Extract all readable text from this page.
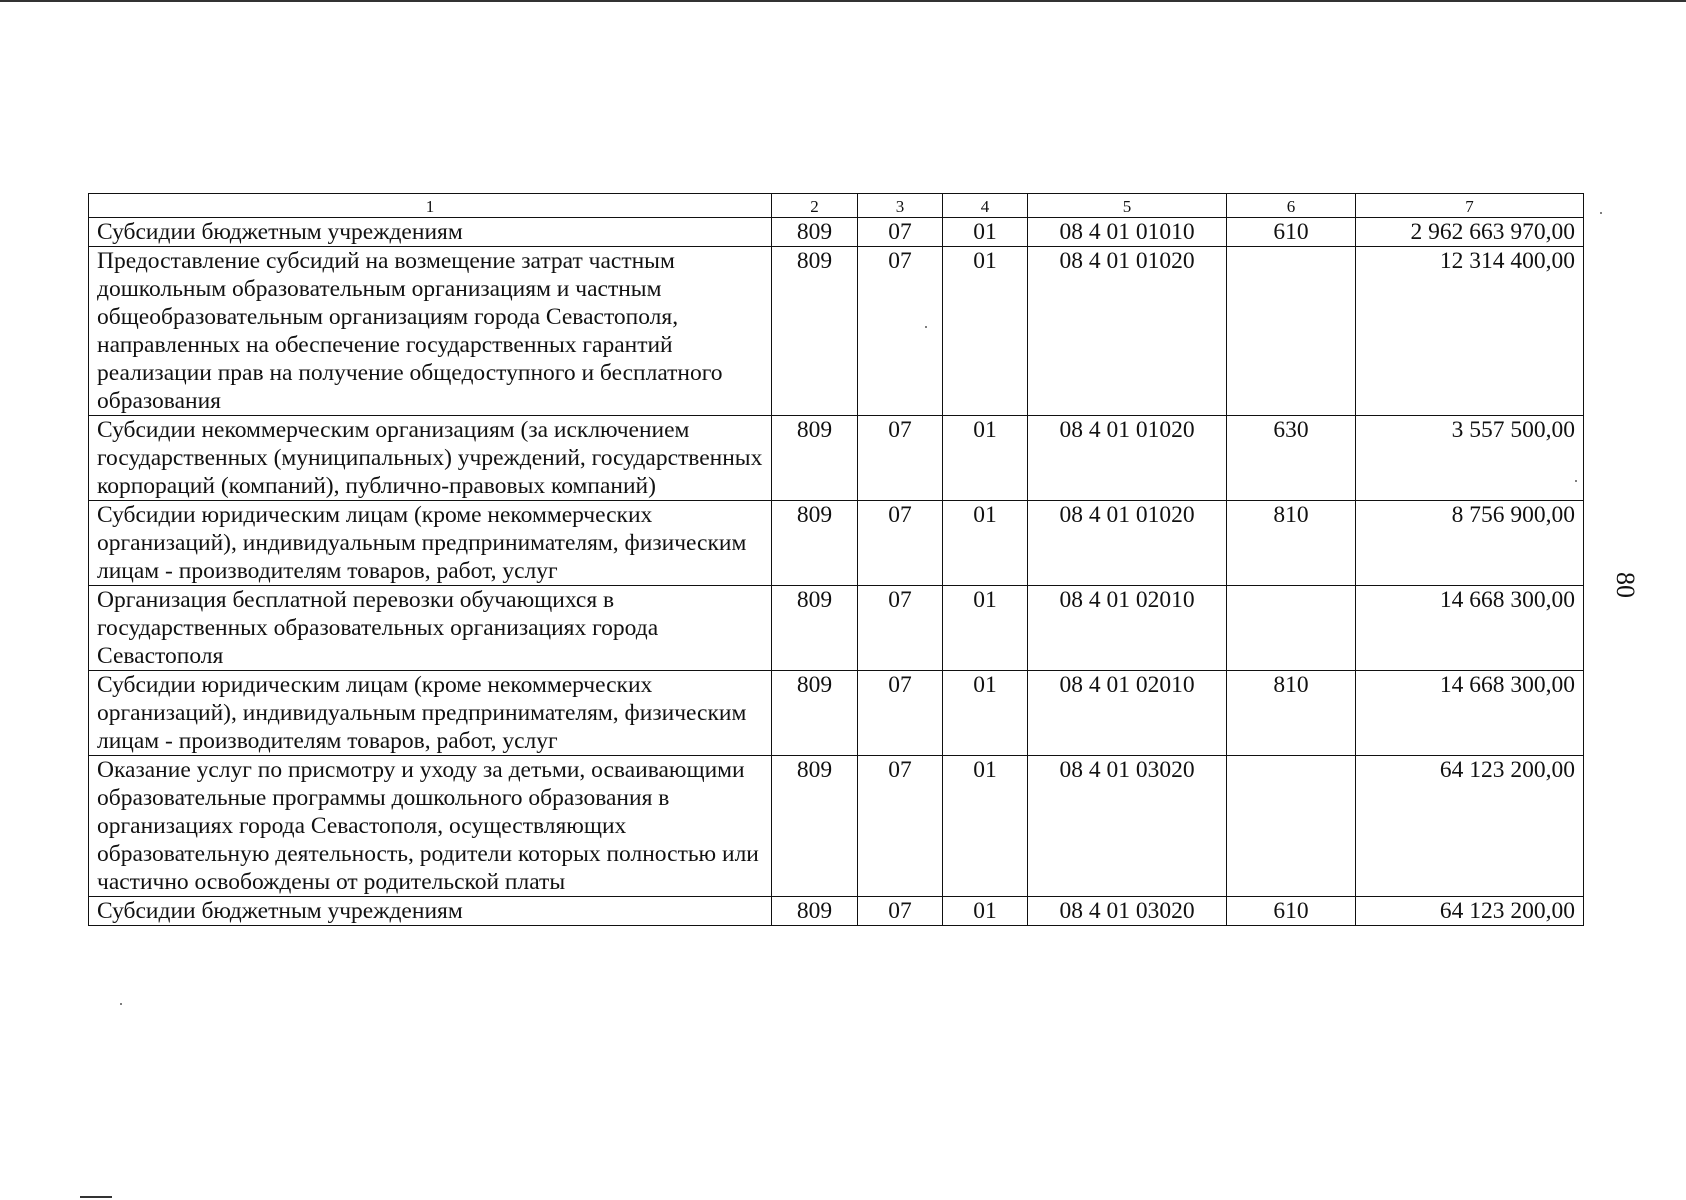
80
1	2	3	4	5	6	7
Субсидии бюджетным учреждениям	809	07	01	08 4 01 01010	610	2 962 663 970,00
Предоставление субсидий на возмещение затрат частным дошкольным образовательным организациям и частным общеобразовательным организациям города Севастополя, направленных на обеспечение государственных гарантий реализации прав на получение общедоступного и бесплатного образования	809	07	01	08 4 01 01020		12 314 400,00
Субсидии некоммерческим организациям (за исключением государственных (муниципальных) учреждений, государственных корпораций (компаний), публично-правовых компаний)	809	07	01	08 4 01 01020	630	3 557 500,00
Субсидии юридическим лицам (кроме некоммерческих организаций), индивидуальным предпринимателям, физическим лицам - производителям товаров, работ, услуг	809	07	01	08 4 01 01020	810	8 756 900,00
Организация бесплатной перевозки обучающихся в государственных образовательных организациях города Севастополя	809	07	01	08 4 01 02010		14 668 300,00
Субсидии юридическим лицам (кроме некоммерческих организаций), индивидуальным предпринимателям, физическим лицам - производителям товаров, работ, услуг	809	07	01	08 4 01 02010	810	14 668 300,00
Оказание услуг по присмотру и уходу за детьми, осваивающими образовательные программы дошкольного образования в организациях города Севастополя, осуществляющих образовательную деятельность, родители которых полностью или частично освобождены от родительской платы	809	07	01	08 4 01 03020		64 123 200,00
Субсидии бюджетным учреждениям	809	07	01	08 4 01 03020	610	64 123 200,00
